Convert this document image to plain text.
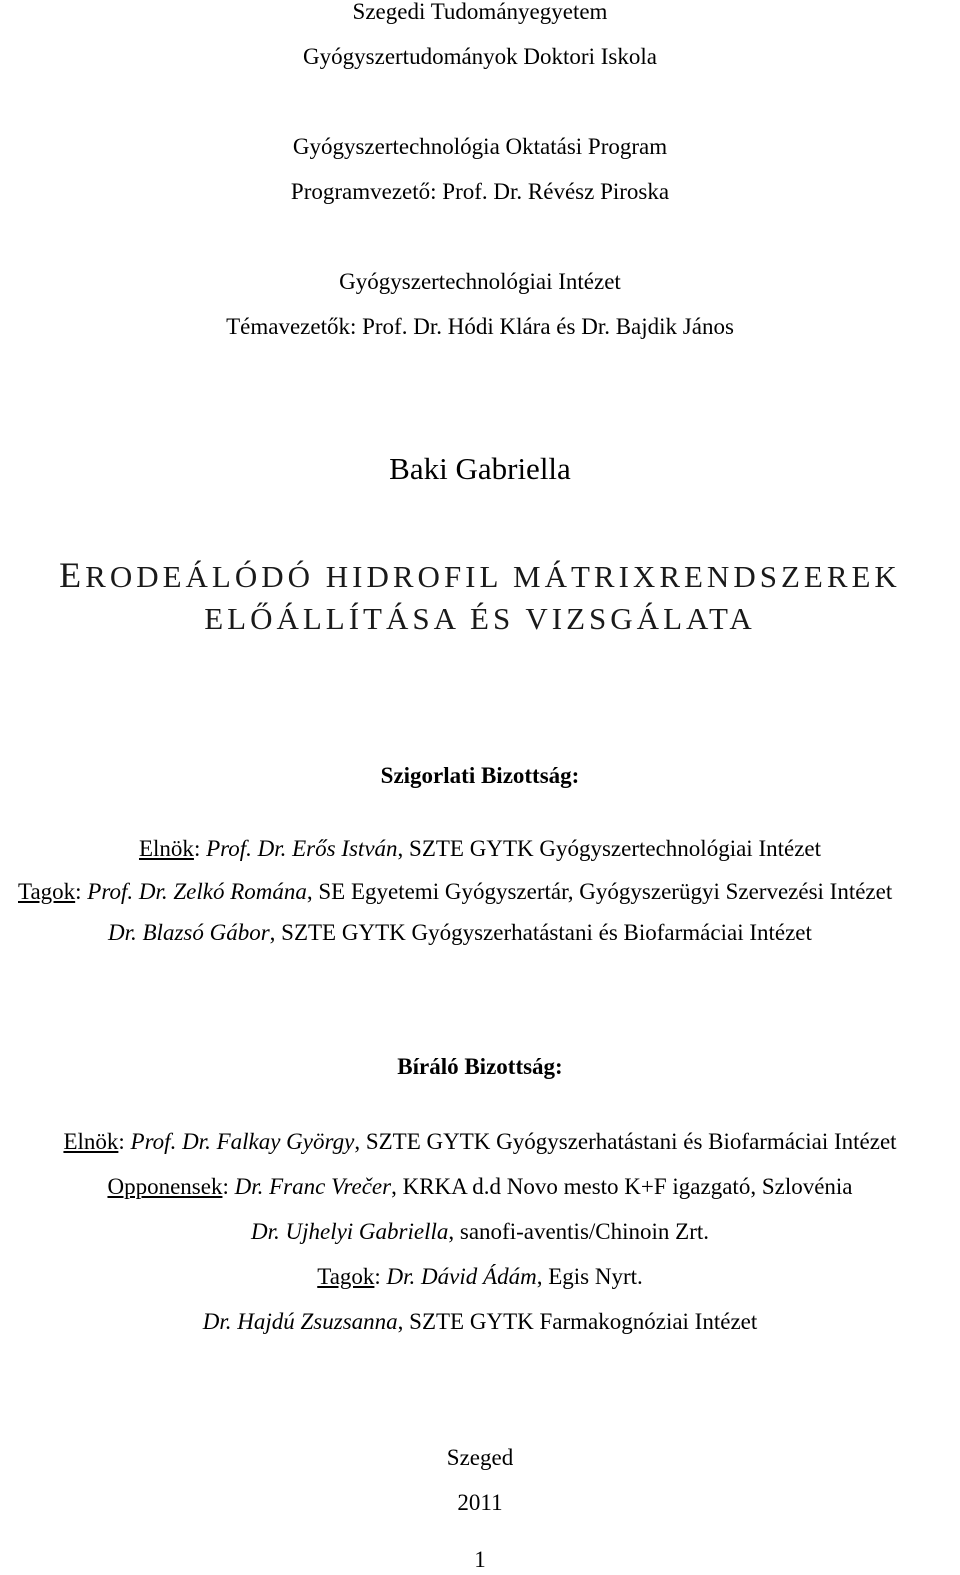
Szegedi Tudományegyetem
Gyógyszertudományok Doktori Iskola
Gyógyszertechnológia Oktatási Program
Programvezető: Prof. Dr. Révész Piroska
Gyógyszertechnológiai Intézet
Témavezetők: Prof. Dr. Hódi Klára és Dr. Bajdik János
Baki Gabriella
ERODEÁLÓDÓ HIDROFIL MÁTRIXRENDSZEREK
ELŐÁLLÍTÁSA ÉS VIZSGÁLATA
Szigorlati Bizottság:
Elnök: Prof. Dr. Erős István, SZTE GYTK Gyógyszertechnológiai Intézet
Tagok: Prof. Dr. Zelkó Romána, SE Egyetemi Gyógyszertár, Gyógyszerügyi Szervezési Intézet
Dr. Blazsó Gábor, SZTE GYTK Gyógyszerhatástani és Biofarmáciai Intézet
Bíráló Bizottság:
Elnök: Prof. Dr. Falkay György, SZTE GYTK Gyógyszerhatástani és Biofarmáciai Intézet
Opponensek: Dr. Franc Vrečer, KRKA d.d Novo mesto K+F igazgató, Szlovénia
Dr. Ujhelyi Gabriella, sanofi-aventis/Chinoin Zrt.
Tagok: Dr. Dávid Ádám, Egis Nyrt.
Dr. Hajdú Zsuzsanna, SZTE GYTK Farmakognóziai Intézet
Szeged
2011
1
